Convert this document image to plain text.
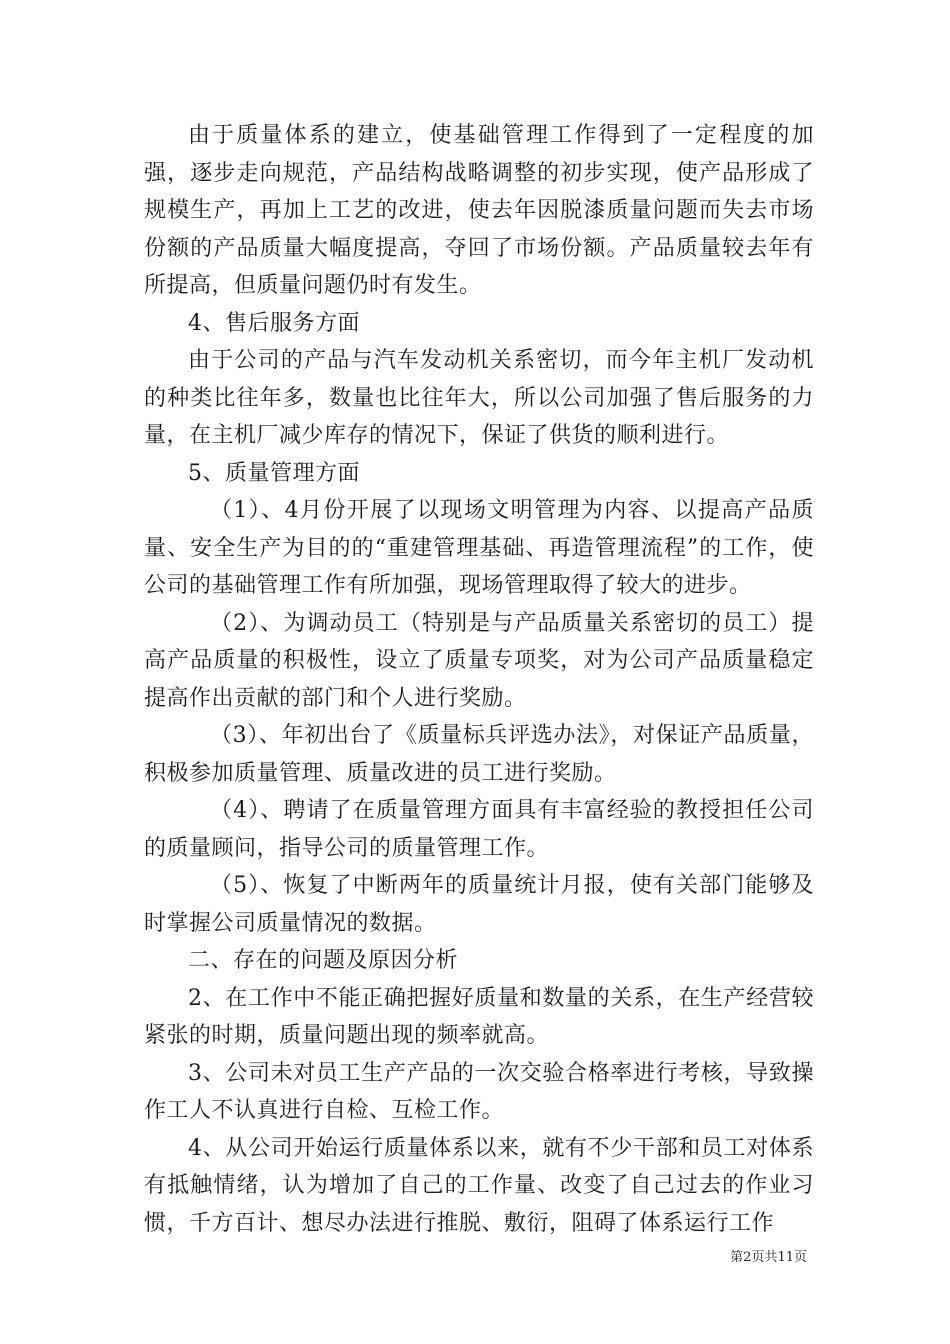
由于质量体系的建立，使基础管理工作得到了一定程度的加强，逐步走向规范，产品结构战略调整的初步实现，使产品形成了规模生产，再加上工艺的改进，使去年因脱漆质量问题而失去市场份额的产品质量大幅度提高，夺回了市场份额。产品质量较去年有所提高，但质量问题仍时有发生。

4、售后服务方面

由于公司的产品与汽车发动机关系密切，而今年主机厂发动机的种类比往年多，数量也比往年大，所以公司加强了售后服务的力量，在主机厂减少库存的情况下，保证了供货的顺利进行。

5、质量管理方面

（1）、4月份开展了以现场文明管理为内容、以提高产品质量、安全生产为目的的“重建管理基础、再造管理流程”的工作，使公司的基础管理工作有所加强，现场管理取得了较大的进步。

（2）、为调动员工（特别是与产品质量关系密切的员工）提高产品质量的积极性，设立了质量专项奖，对为公司产品质量稳定提高作出贡献的部门和个人进行奖励。

（3）、年初出台了《质量标兵评选办法》，对保证产品质量，积极参加质量管理、质量改进的员工进行奖励。

（4）、聘请了在质量管理方面具有丰富经验的教授担任公司的质量顾问，指导公司的质量管理工作。

（5）、恢复了中断两年的质量统计月报，使有关部门能够及时掌握公司质量情况的数据。

二、存在的问题及原因分析

2、在工作中不能正确把握好质量和数量的关系，在生产经营较紧张的时期，质量问题出现的频率就高。

3、公司未对员工生产产品的一次交验合格率进行考核，导致操作工人不认真进行自检、互检工作。

4、从公司开始运行质量体系以来，就有不少干部和员工对体系有抵触情绪，认为增加了自己的工作量、改变了自己过去的作业习惯，千方百计、想尽办法进行推脱、敷衍，阻碍了体系运行工作

第2页共11页
